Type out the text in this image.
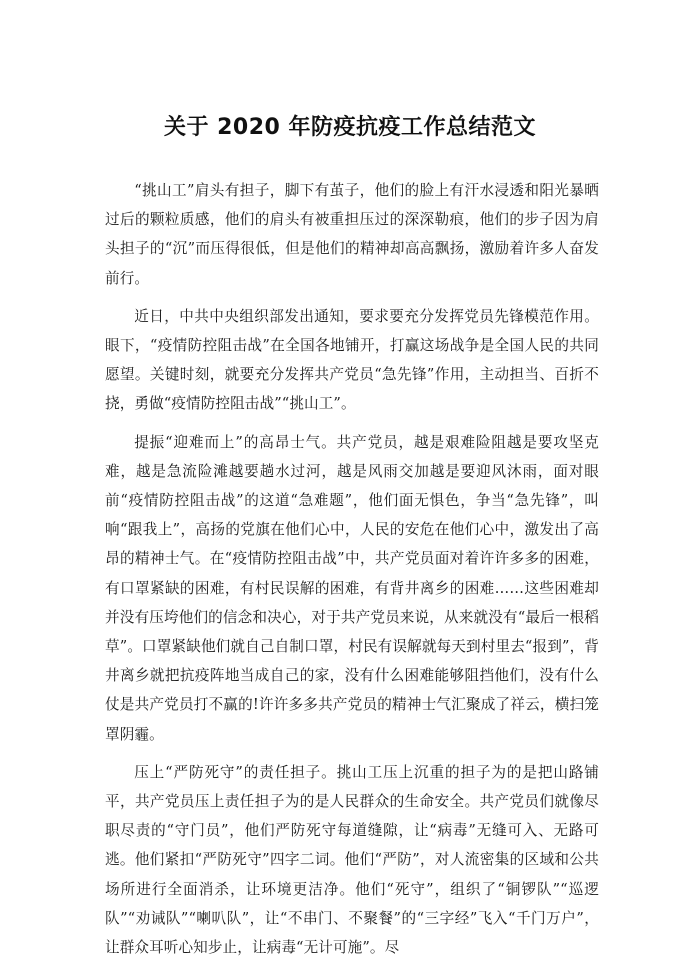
关于 2020 年防疫抗疫工作总结范文

“挑山工”肩头有担子，脚下有茧子，他们的脸上有汗水浸透和阳光暴晒过后的颗粒质感，他们的肩头有被重担压过的深深勒痕，他们的步子因为肩头担子的“沉”而压得很低，但是他们的精神却高高飘扬，激励着许多人奋发前行。

近日，中共中央组织部发出通知，要求要充分发挥党员先锋模范作用。眼下，“疫情防控阻击战”在全国各地铺开，打赢这场战争是全国人民的共同愿望。关键时刻，就要充分发挥共产党员“急先锋”作用，主动担当、百折不挠，勇做“疫情防控阻击战”“挑山工”。

提振“迎难而上”的高昂士气。共产党员，越是艰难险阻越是要攻坚克难，越是急流险滩越要趟水过河，越是风雨交加越是要迎风沐雨，面对眼前“疫情防控阻击战”的这道“急难题”，他们面无惧色，争当“急先锋”，叫响“跟我上”，高扬的党旗在他们心中，人民的安危在他们心中，激发出了高昂的精神士气。在“疫情防控阻击战”中，共产党员面对着许许多多的困难，有口罩紧缺的困难，有村民误解的困难，有背井离乡的困难……这些困难却并没有压垮他们的信念和决心，对于共产党员来说，从来就没有“最后一根稻草”。口罩紧缺他们就自己自制口罩，村民有误解就每天到村里去“报到”，背井离乡就把抗疫阵地当成自己的家，没有什么困难能够阻挡他们，没有什么仗是共产党员打不赢的!许许多多共产党员的精神士气汇聚成了祥云，横扫笼罩阴霾。

压上“严防死守”的责任担子。挑山工压上沉重的担子为的是把山路铺平，共产党员压上责任担子为的是人民群众的生命安全。共产党员们就像尽职尽责的“守门员”，他们严防死守每道缝隙，让“病毒”无缝可入、无路可逃。他们紧扣“严防死守”四字二词。他们“严防”，对人流密集的区域和公共场所进行全面消杀，让环境更洁净。他们“死守”，组织了“铜锣队”“巡逻队”“劝诫队”“喇叭队”，让“不串门、不聚餐”的“三字经”飞入“千门万户”，让群众耳听心知步止，让病毒“无计可施”。尽
